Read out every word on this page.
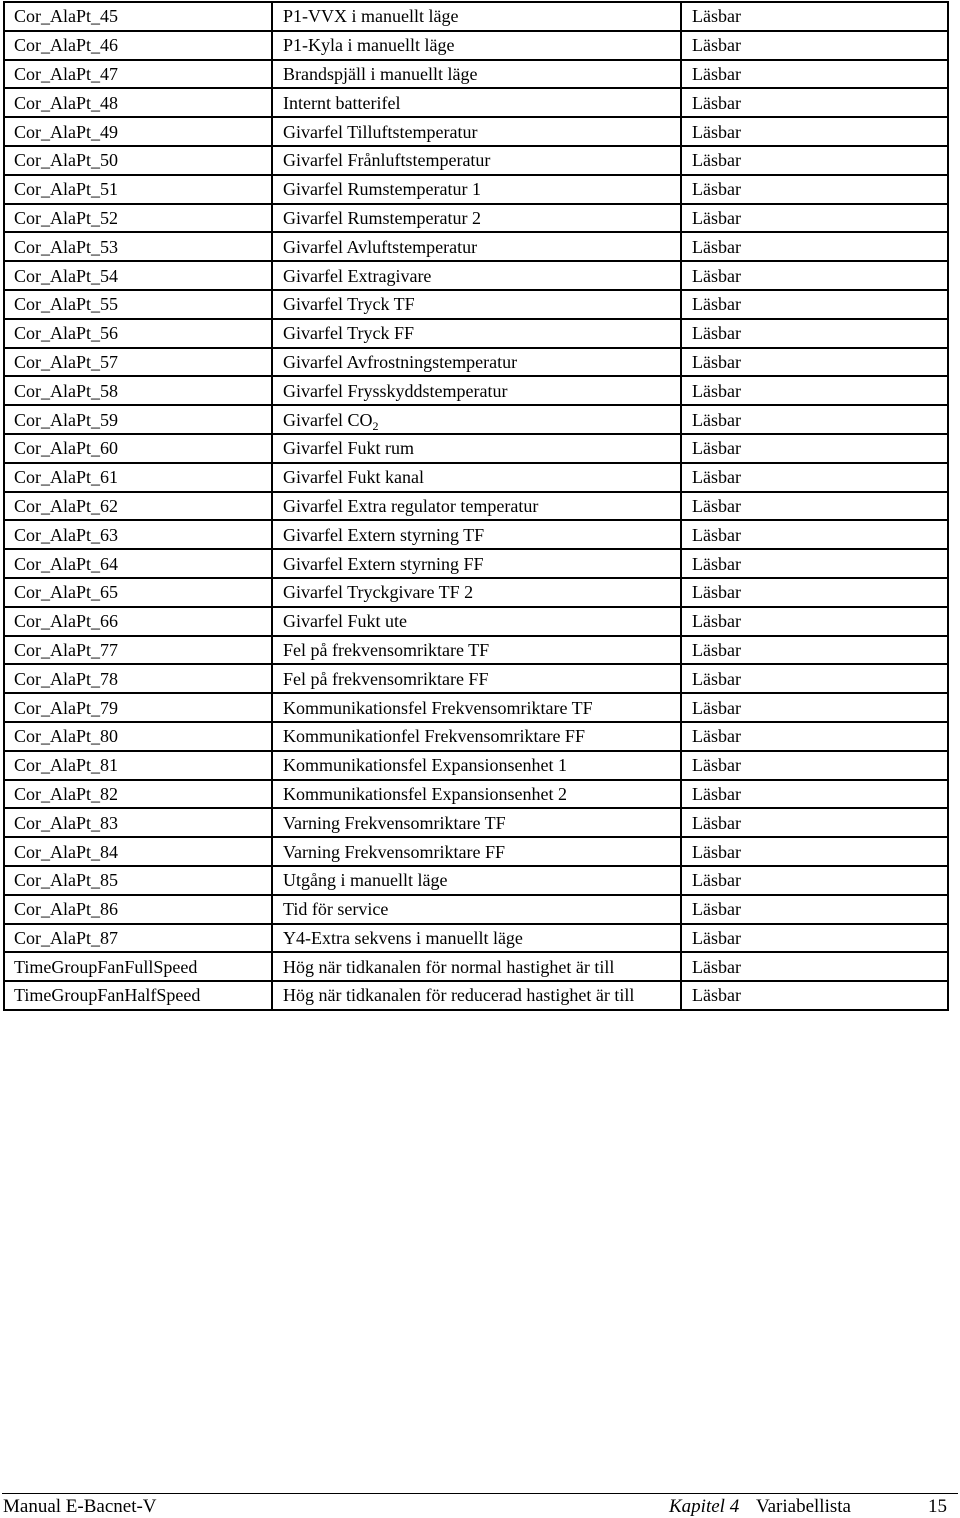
Cor_AlaPt_45	P1-VVX i manuellt läge	Läsbar
Cor_AlaPt_46	P1-Kyla i manuellt läge	Läsbar
Cor_AlaPt_47	Brandspjäll i manuellt läge	Läsbar
Cor_AlaPt_48	Internt batterifel	Läsbar
Cor_AlaPt_49	Givarfel Tilluftstemperatur	Läsbar
Cor_AlaPt_50	Givarfel Frånluftstemperatur	Läsbar
Cor_AlaPt_51	Givarfel Rumstemperatur 1	Läsbar
Cor_AlaPt_52	Givarfel Rumstemperatur 2	Läsbar
Cor_AlaPt_53	Givarfel Avluftstemperatur	Läsbar
Cor_AlaPt_54	Givarfel Extragivare	Läsbar
Cor_AlaPt_55	Givarfel Tryck TF	Läsbar
Cor_AlaPt_56	Givarfel Tryck FF	Läsbar
Cor_AlaPt_57	Givarfel Avfrostningstemperatur	Läsbar
Cor_AlaPt_58	Givarfel Frysskyddstemperatur	Läsbar
Cor_AlaPt_59	Givarfel $CO_2$	Läsbar
Cor_AlaPt_60	Givarfel Fukt rum	Läsbar
Cor_AlaPt_61	Givarfel Fukt kanal	Läsbar
Cor_AlaPt_62	Givarfel Extra regulator temperatur	Läsbar
Cor_AlaPt_63	Givarfel Extern styrning TF	Läsbar
Cor_AlaPt_64	Givarfel Extern styrning FF	Läsbar
Cor_AlaPt_65	Givarfel Tryckgivare TF 2	Läsbar
Cor_AlaPt_66	Givarfel Fukt ute	Läsbar
Cor_AlaPt_77	Fel på frekvensomriktare TF	Läsbar
Cor_AlaPt_78	Fel på frekvensomriktare FF	Läsbar
Cor_AlaPt_79	Kommunikationsfel Frekvensomriktare TF	Läsbar
Cor_AlaPt_80	Kommunikationfel Frekvensomriktare FF	Läsbar
Cor_AlaPt_81	Kommunikationsfel Expansionsenhet 1	Läsbar
Cor_AlaPt_82	Kommunikationsfel Expansionsenhet 2	Läsbar
Cor_AlaPt_83	Varning Frekvensomriktare TF	Läsbar
Cor_AlaPt_84	Varning Frekvensomriktare FF	Läsbar
Cor_AlaPt_85	Utgång i manuellt läge	Läsbar
Cor_AlaPt_86	Tid för service	Läsbar
Cor_AlaPt_87	Y4-Extra sekvens i manuellt läge	Läsbar
TimeGroupFanFullSpeed	Hög när tidkanalen för normal hastighet är till	Läsbar
TimeGroupFanHalfSpeed	Hög när tidkanalen för reducerad hastighet är till	Läsbar
Manual E-Bacnet-V	Kapitel 4 Variabellista	15
